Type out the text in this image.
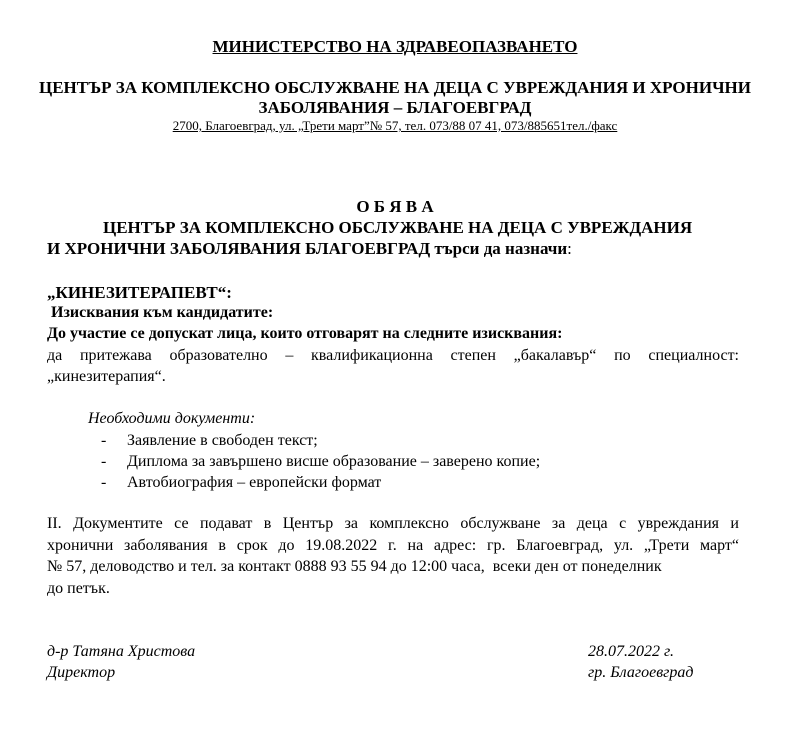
МИНИСТЕРСТВО НА ЗДРАВЕОПАЗВАНЕТО
ЦЕНТЪР ЗА КОМПЛЕКСНО ОБСЛУЖВАНЕ НА ДЕЦА С УВРЕЖДАНИЯ И ХРОНИЧНИ
ЗАБОЛЯВАНИЯ – БЛАГОЕВГРАД
2700, Благоевград, ул. „Трети март”№ 57, тел. 073/88 07 41, 073/885651тел./факс
О Б Я В А
ЦЕНТЪР ЗА КОМПЛЕКСНО ОБСЛУЖВАНЕ НА ДЕЦА С УВРЕЖДАНИЯ
И ХРОНИЧНИ ЗАБОЛЯВАНИЯ БЛАГОЕВГРАД търси да назначи:
„КИНЕЗИТЕРАПЕВТ“:
Изисквания към кандидатите:
До участие се допускат лица, които отговарят на следните изисквания:
да притежава образователно – квалификационна степен „бакалавър“ по специалност:
„кинезитерапия“.
Необходими документи:
- Заявление в свободен текст;
- Диплома за завършено висше образование – заверено копие;
- Автобиография – европейски формат
II. Документите се подават в Център за комплексно обслужване за деца с увреждания и
хронични заболявания в срок до 19.08.2022 г. на адрес: гр. Благоевград, ул. „Трети март“
№ 57, деловодство и тел. за контакт 0888 93 55 94 до 12:00 часа,  всеки ден от понеделник
до петък.
д-р Татяна Христова
Директор
28.07.2022 г.
гр. Благоевград
